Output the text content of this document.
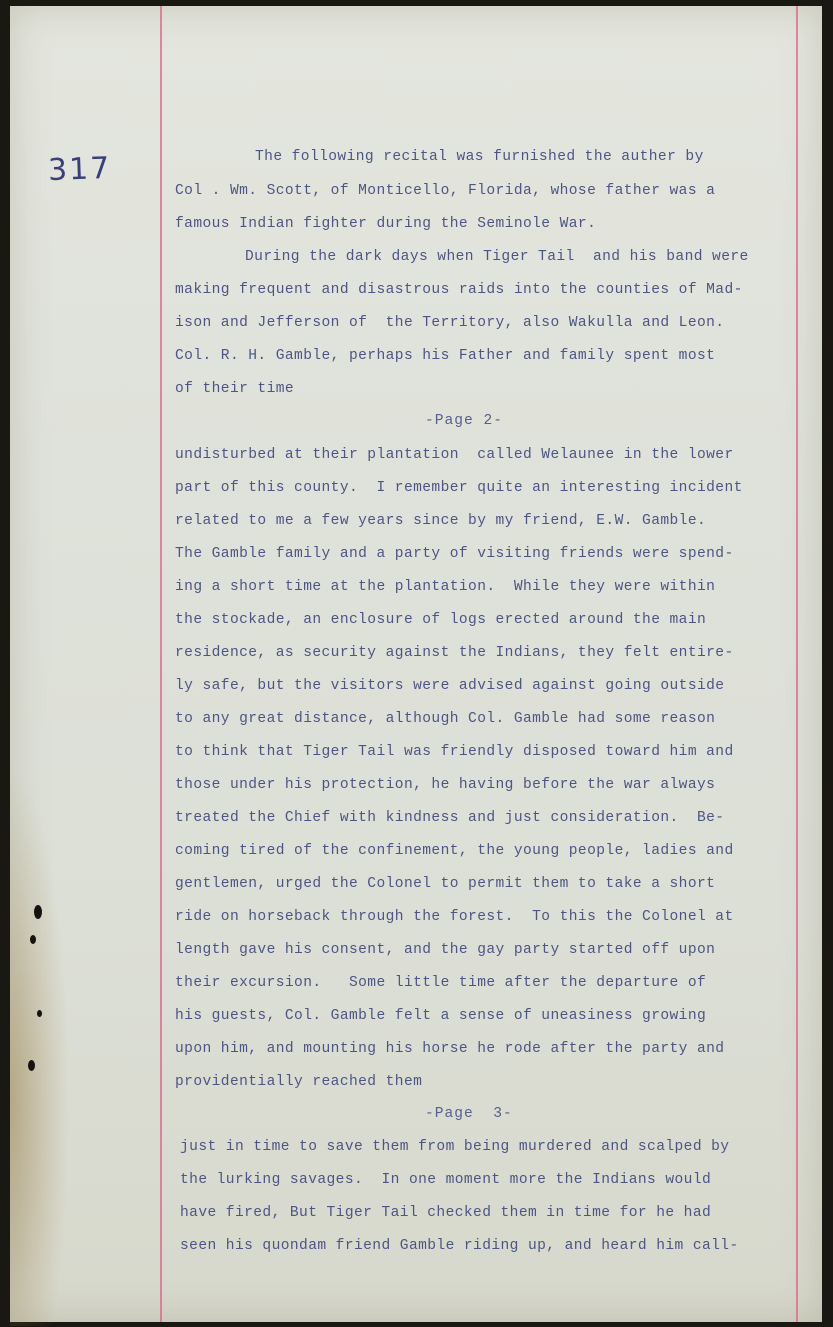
317	The following recital was furnished the auther by
Col . Wm. Scott, of Monticello, Florida, whose father was a
famous Indian fighter during the Seminole War.
During the dark days when Tiger Tail  and his band were
making frequent and disastrous raids into the counties of Mad-
ison and Jefferson of  the Territory, also Wakulla and Leon.
Col. R. H. Gamble, perhaps his Father and family spent most
of their time
-Page 2-
undisturbed at their plantation  called Welaunee in the lower
part of this county.  I remember quite an interesting incident
related to me a few years since by my friend, E.W. Gamble.
The Gamble family and a party of visiting friends were spend-
ing a short time at the plantation.  While they were within
the stockade, an enclosure of logs erected around the main
residence, as security against the Indians, they felt entire-
ly safe, but the visitors were advised against going outside
to any great distance, although Col. Gamble had some reason
to think that Tiger Tail was friendly disposed toward him and
those under his protection, he having before the war always
treated the Chief with kindness and just consideration.  Be-
coming tired of the confinement, the young people, ladies and
gentlemen, urged the Colonel to permit them to take a short
ride on horseback through the forest.  To this the Colonel at
length gave his consent, and the gay party started off upon
their excursion.   Some little time after the departure of
his guests, Col. Gamble felt a sense of uneasiness growing
upon him, and mounting his horse he rode after the party and
providentially reached them
-Page  3-
just in time to save them from being murdered and scalped by
the lurking savages.  In one moment more the Indians would
have fired, But Tiger Tail checked them in time for he had
seen his quondam friend Gamble riding up, and heard him call-
